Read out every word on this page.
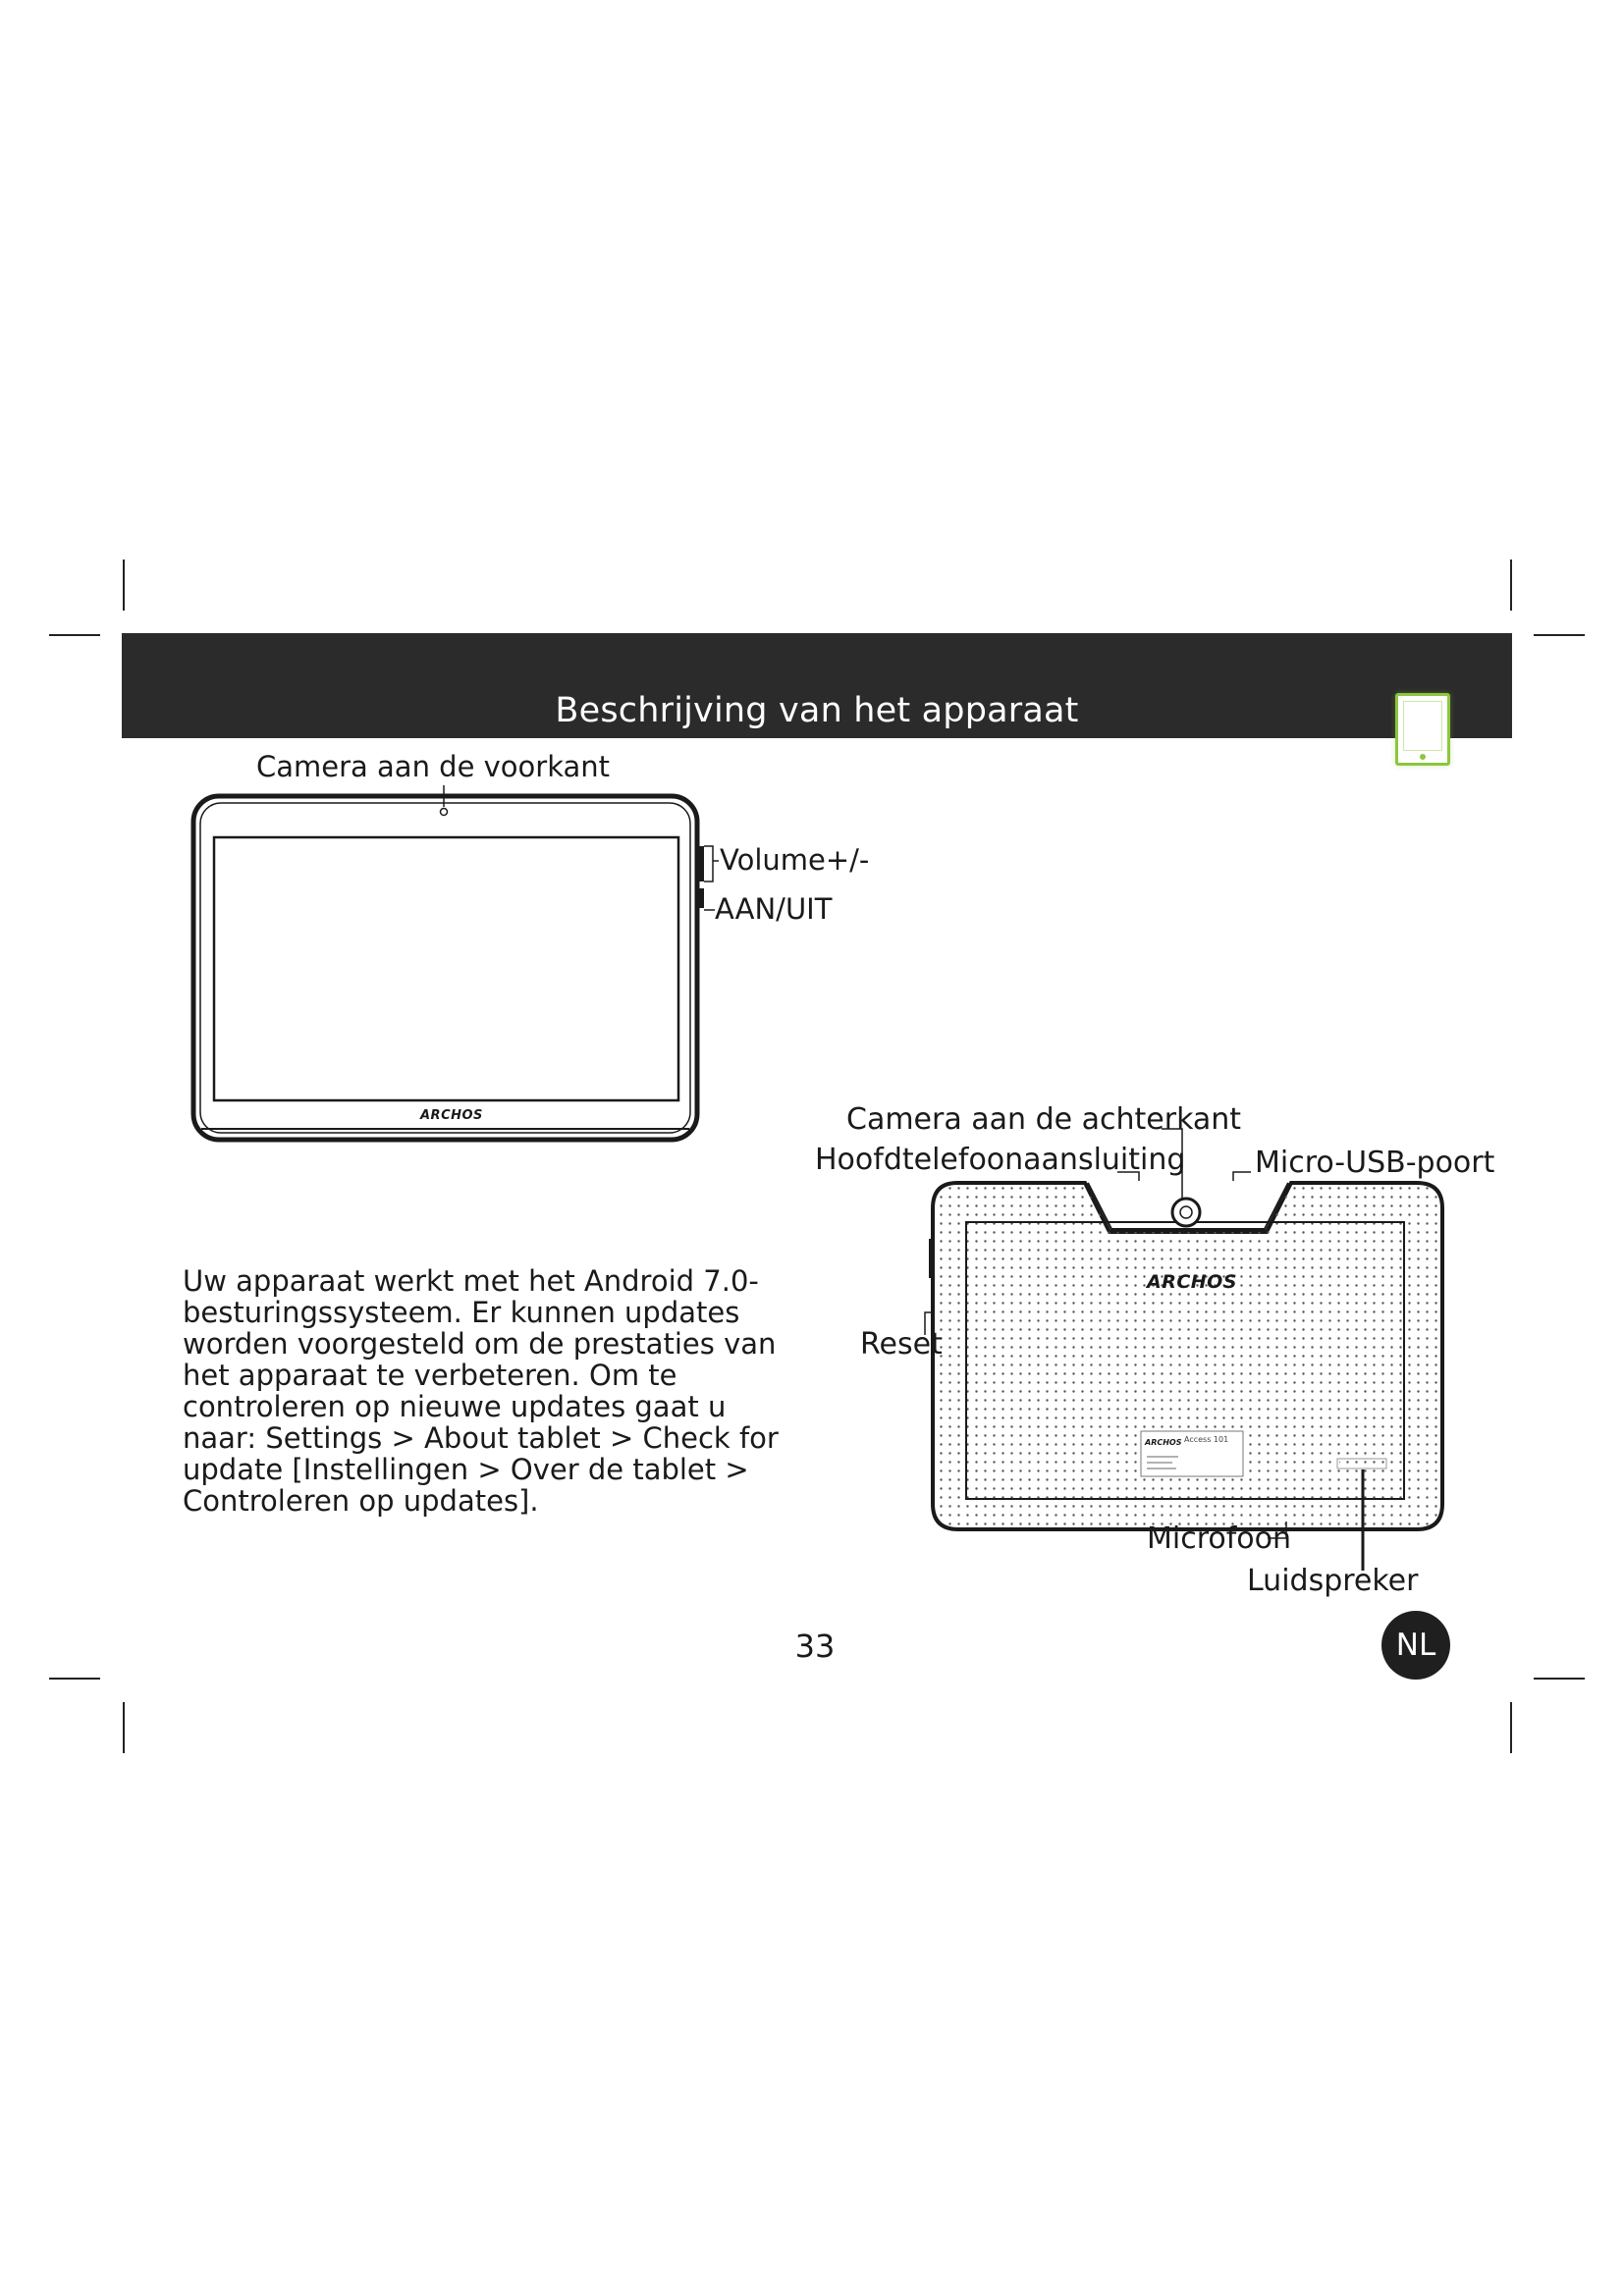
Beschrijving van het apparaat
Camera aan de voorkant
Volume+/-
AAN/UIT
ARCHOS	Camera aan de achterkant
Hoofdtelefoonaansluiting Micro-USB-poort
Reset
Microfoon
Luidspreker
ARCHOS
ARCHOS Access 101
Uw apparaat werkt met het Android 7.0-besturingssysteem. Er kunnen updates worden voorgesteld om de prestaties van het apparaat te verbeteren. Om te controleren op nieuwe updates gaat u naar: Settings > About tablet > Check for update [Instellingen > Over de tablet > Controleren op updates].
33	NL
